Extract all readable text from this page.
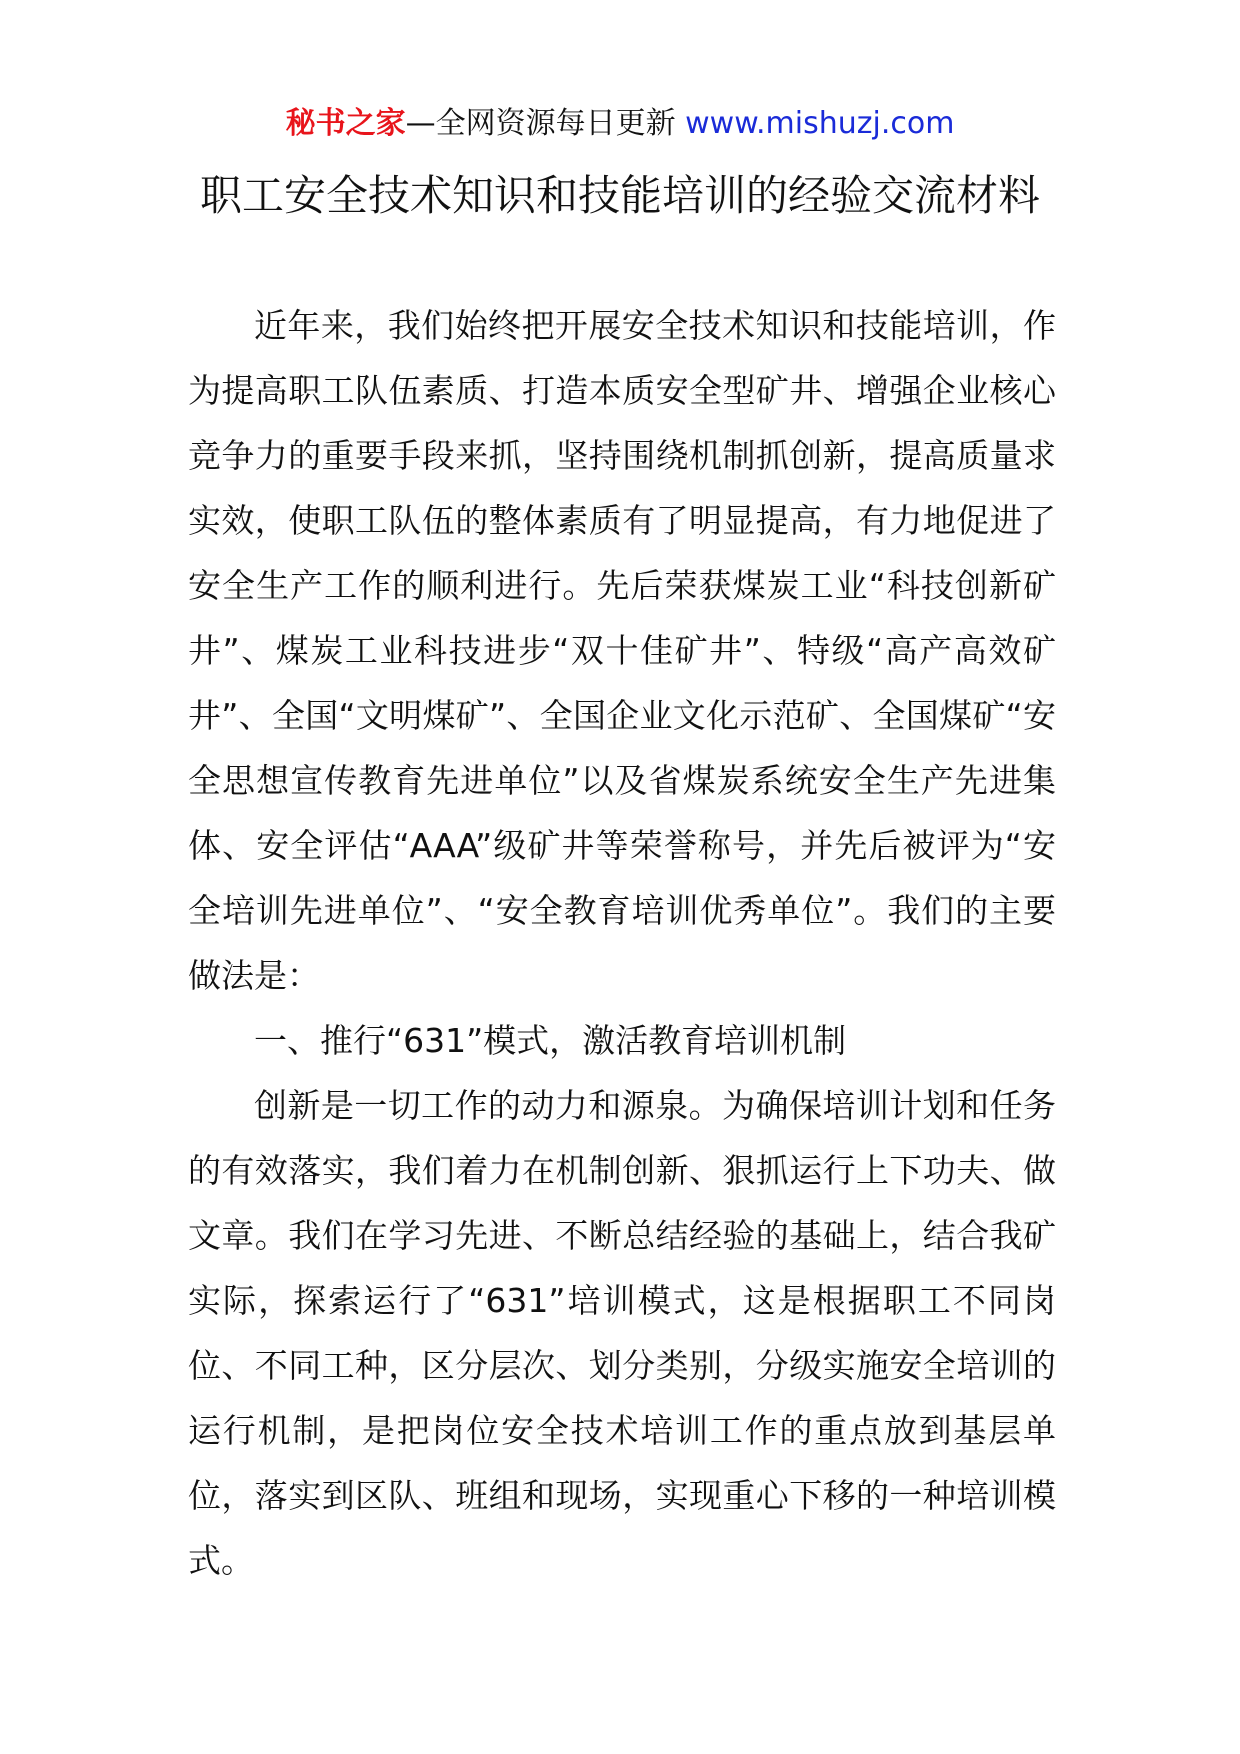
秘书之家—全网资源每日更新 www.mishuzj.com
职工安全技术知识和技能培训的经验交流材料

近年来，我们始终把开展安全技术知识和技能培训，作为提高职工队伍素质、打造本质安全型矿井、增强企业核心竞争力的重要手段来抓，坚持围绕机制抓创新，提高质量求实效，使职工队伍的整体素质有了明显提高，有力地促进了安全生产工作的顺利进行。先后荣获煤炭工业“科技创新矿井”、煤炭工业科技进步“双十佳矿井”、特级“高产高效矿井”、全国“文明煤矿”、全国企业文化示范矿、全国煤矿“安全思想宣传教育先进单位”以及省煤炭系统安全生产先进集体、安全评估“AAA”级矿井等荣誉称号，并先后被评为“安全培训先进单位”、“安全教育培训优秀单位”。我们的主要做法是：

一、推行“631”模式，激活教育培训机制

创新是一切工作的动力和源泉。为确保培训计划和任务的有效落实，我们着力在机制创新、狠抓运行上下功夫、做文章。我们在学习先进、不断总结经验的基础上，结合我矿实际，探索运行了“631”培训模式，这是根据职工不同岗位、不同工种，区分层次、划分类别，分级实施安全培训的运行机制，是把岗位安全技术培训工作的重点放到基层单位，落实到区队、班组和现场，实现重心下移的一种培训模式。
